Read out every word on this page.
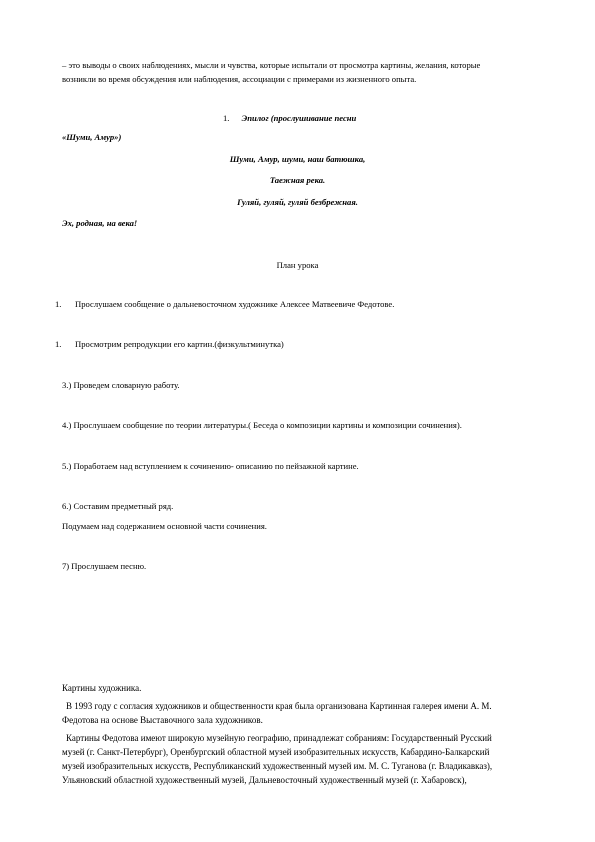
– это выводы о своих наблюдениях, мысли и чувства, которые испытали от просмотра картины, желания, которые

возникли во время обсуждения или наблюдения, ассоциации с примерами из жизненного опыта.

1. Эпилог (прослушивание песни

«Шуми, Амур»)

Шуми, Амур, шуми, наш батюшка,

Таежная река.

Гуляй, гуляй, гуляй безбрежная.

Эх, родная, на века!

План урока

1. Прослушаем сообщение о дальневосточном художнике Алексее Матвеевиче Федотове.

1. Просмотрим репродукции его картин.(физкультминутка)

3.) Проведем словарную работу.

4.) Прослушаем сообщение по теории литературы.( Беседа о композиции картины и композиции сочинения).

5.) Поработаем над вступлением к сочинению- описанию по пейзажной картине.

6.) Составим предметный ряд.

Подумаем над содержанием основной части сочинения.

7) Прослушаем песню.

Картины художника.

В 1993 году с согласия художников и общественности края была организована Картинная галерея имени А. М.

Федотова на основе Выставочного зала художников.

Картины Федотова имеют широкую музейную географию, принадлежат собраниям: Государственный Русский

музей (г. Санкт-Петербург), Оренбургский областной музей изобразительных искусств, Кабардино-Балкарский

музей изобразительных искусств, Республиканский художественный музей им. М. С. Туганова (г. Владикавказ),

Ульяновский областной художественный музей, Дальневосточный художественный музей (г. Хабаровск),
